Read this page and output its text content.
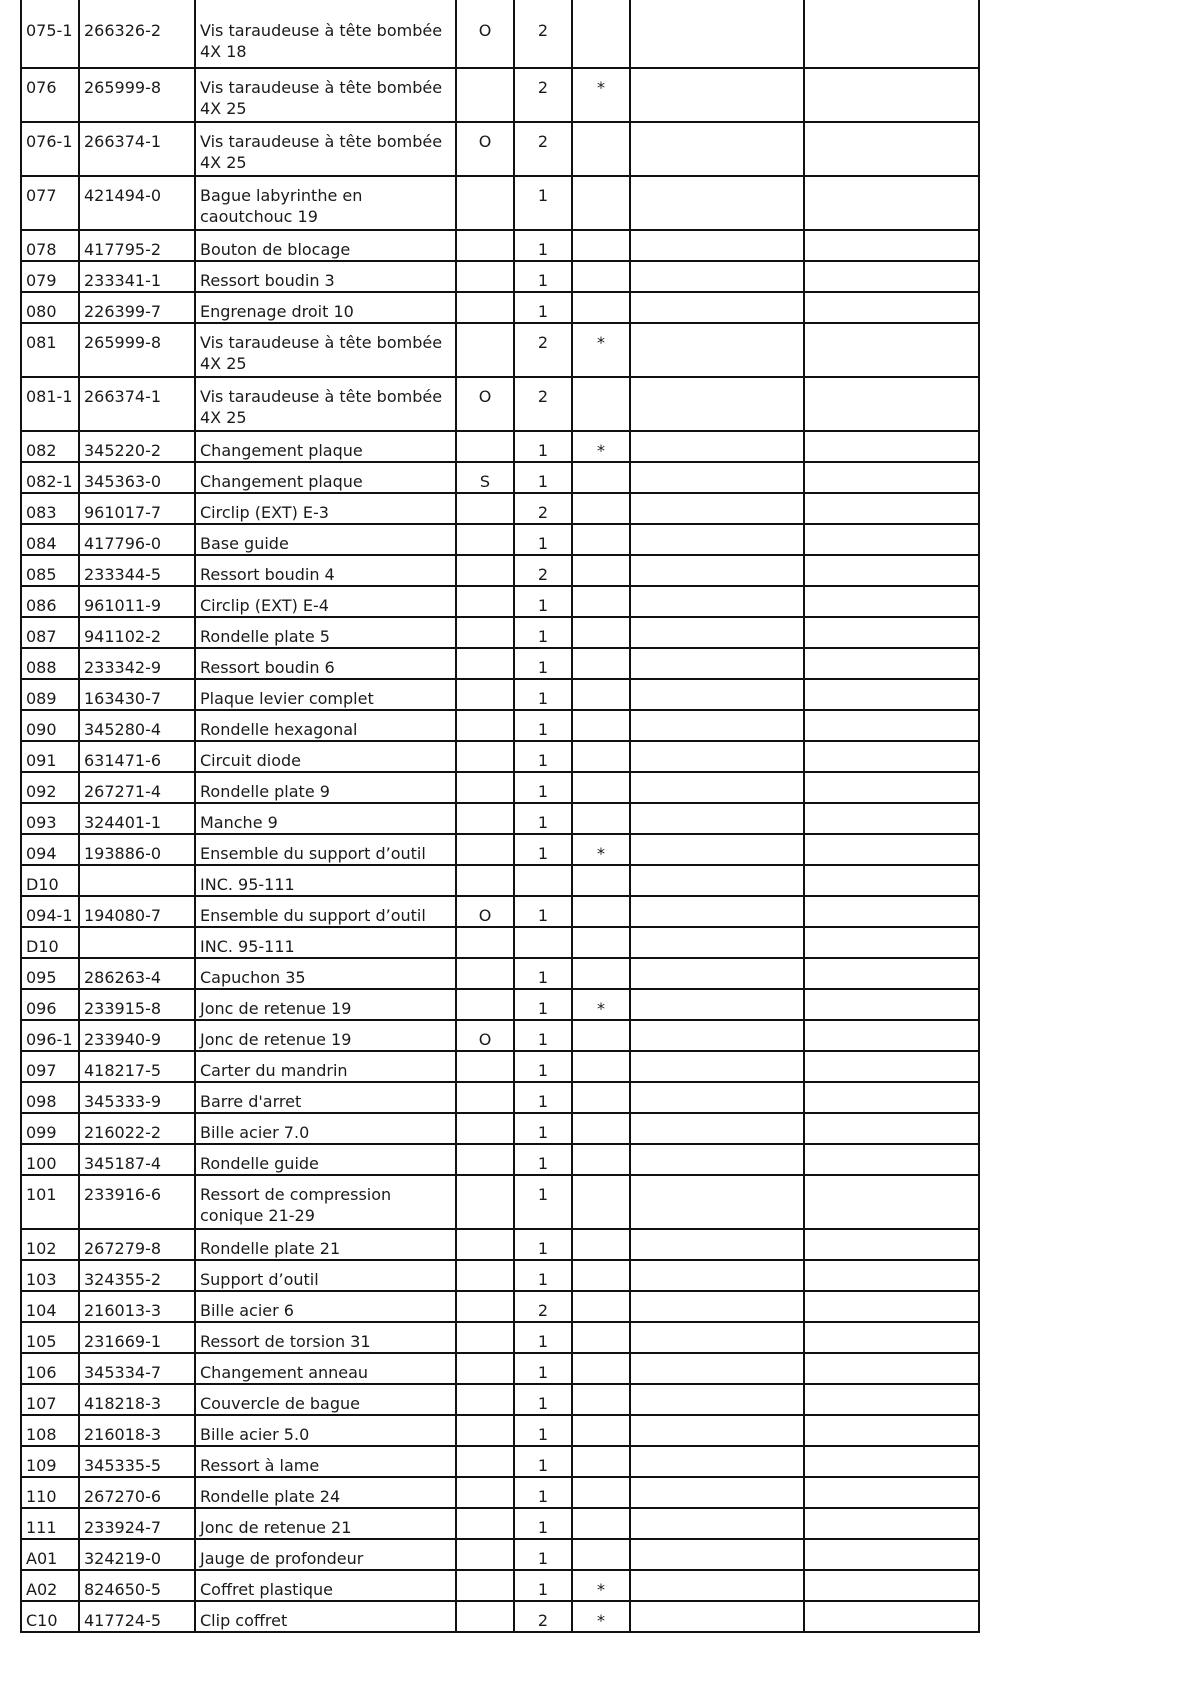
075-1	266326-2	Vis taraudeuse à tête bombée 4X 18	O	2			
076	265999-8	Vis taraudeuse à tête bombée 4X 25		2	*		
076-1	266374-1	Vis taraudeuse à tête bombée 4X 25	O	2			
077	421494-0	Bague labyrinthe en caoutchouc 19		1			
078	417795-2	Bouton de blocage		1			
079	233341-1	Ressort boudin 3		1			
080	226399-7	Engrenage droit 10		1			
081	265999-8	Vis taraudeuse à tête bombée 4X 25		2	*		
081-1	266374-1	Vis taraudeuse à tête bombée 4X 25	O	2			
082	345220-2	Changement plaque		1	*		
082-1	345363-0	Changement plaque	S	1			
083	961017-7	Circlip (EXT) E-3		2			
084	417796-0	Base guide		1			
085	233344-5	Ressort boudin 4		2			
086	961011-9	Circlip (EXT) E-4		1			
087	941102-2	Rondelle plate 5		1			
088	233342-9	Ressort boudin 6		1			
089	163430-7	Plaque levier complet		1			
090	345280-4	Rondelle hexagonal		1			
091	631471-6	Circuit diode		1			
092	267271-4	Rondelle plate 9		1			
093	324401-1	Manche 9		1			
094	193886-0	Ensemble du support d’outil		1	*		
D10		INC. 95-111					
094-1	194080-7	Ensemble du support d’outil	O	1			
D10		INC. 95-111					
095	286263-4	Capuchon 35		1			
096	233915-8	Jonc de retenue 19		1	*		
096-1	233940-9	Jonc de retenue 19	O	1			
097	418217-5	Carter du mandrin		1			
098	345333-9	Barre d'arret		1			
099	216022-2	Bille acier 7.0		1			
100	345187-4	Rondelle guide		1			
101	233916-6	Ressort de compression conique 21-29		1			
102	267279-8	Rondelle plate 21		1			
103	324355-2	Support d’outil		1			
104	216013-3	Bille acier 6		2			
105	231669-1	Ressort de torsion 31		1			
106	345334-7	Changement anneau		1			
107	418218-3	Couvercle de bague		1			
108	216018-3	Bille acier 5.0		1			
109	345335-5	Ressort à lame		1			
110	267270-6	Rondelle plate 24		1			
111	233924-7	Jonc de retenue 21		1			
A01	324219-0	Jauge de profondeur		1			
A02	824650-5	Coffret plastique		1	*		
C10	417724-5	Clip coffret		2	*		
